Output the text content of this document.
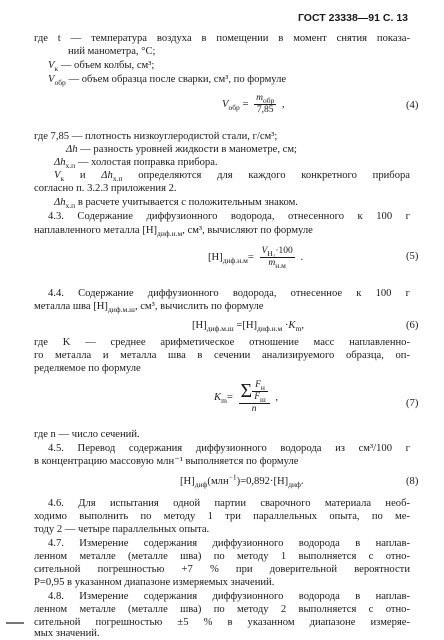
ГОСТ 23338—91 С. 13
где t — температура воздуха в помещении в момент снятия показа-
ний манометра, °С;
$V_к$ — объем колбы, см³;
$V_{обр}$ — объем образца после сварки, см³, по формуле
$V_{обр} = \frac{m_{обр}}{7,85}$ ,	(4)
где 7,85 — плотность низкоуглеродистой стали, г/см³;
Δh — разность уровней жидкости в манометре, см;
$\Delta h_{х.п}$ — холостая поправка прибора.
$V_к$ и $\Delta h_{х.п}$ определяются для каждого конкретного прибора
согласно п. 3.2.3 приложения 2.
$\Delta h_{х.п}$ в расчете учитывается с положительным знаком.
4.3. Содержание диффузионного водорода, отнесенного к 100 г
наплавленного металла $[H]_{диф.н.м}$, см³, вычисляют по формуле
$[H]_{диф.н.м}= \frac{V_{H_2}\cdot 100}{m_{н.м}}$ .	(5)
4.4. Содержание диффузионного водорода, отнесенное к 100 г
металла шва $[H]_{диф.м.ш}$, см³, вычислить по формуле
$[H]_{диф.м.ш} =[H]_{диф.н.м} \cdot K_m$,	(6)
где K — среднее арифметическое отношение масс наплавленно-
го металла и металла шва в сечении анализируемого образца, оп-
ределяемое по формуле
$K_m= \frac{\Sigma \frac{F_н}{F_ш}}{n}$ ,
(7)
где n — число сечений.
4.5. Перевод содержания диффузионного водорода из см³/100 г
в концентрацию массовую млн⁻¹ выполняется по формуле
$[H]_{диф}(млн^{-1})=0,892\cdot[H]_{диф}$.	(8)
4.6. Для испытания одной партии сварочного материала необ-
ходимо выполнить по методу 1 три параллельных опыта, по ме-
тоду 2 — четыре параллельных опыта.
4.7. Измерение содержания диффузионного водорода в наплав-
ленном металле (металле шва) по методу 1 выполняется с отно-
сительной погрешностью +7 % при доверительной вероятности
P=0,95 в указанном диапазоне измеряемых значений.
4.8. Измерение содержания диффузионного водорода в наплав-
ленном металле (металле шва) по методу 2 выполняется с отно-
сительной погрешностью ±5 % в указанном диапазоне измеряе-
мых значений.
